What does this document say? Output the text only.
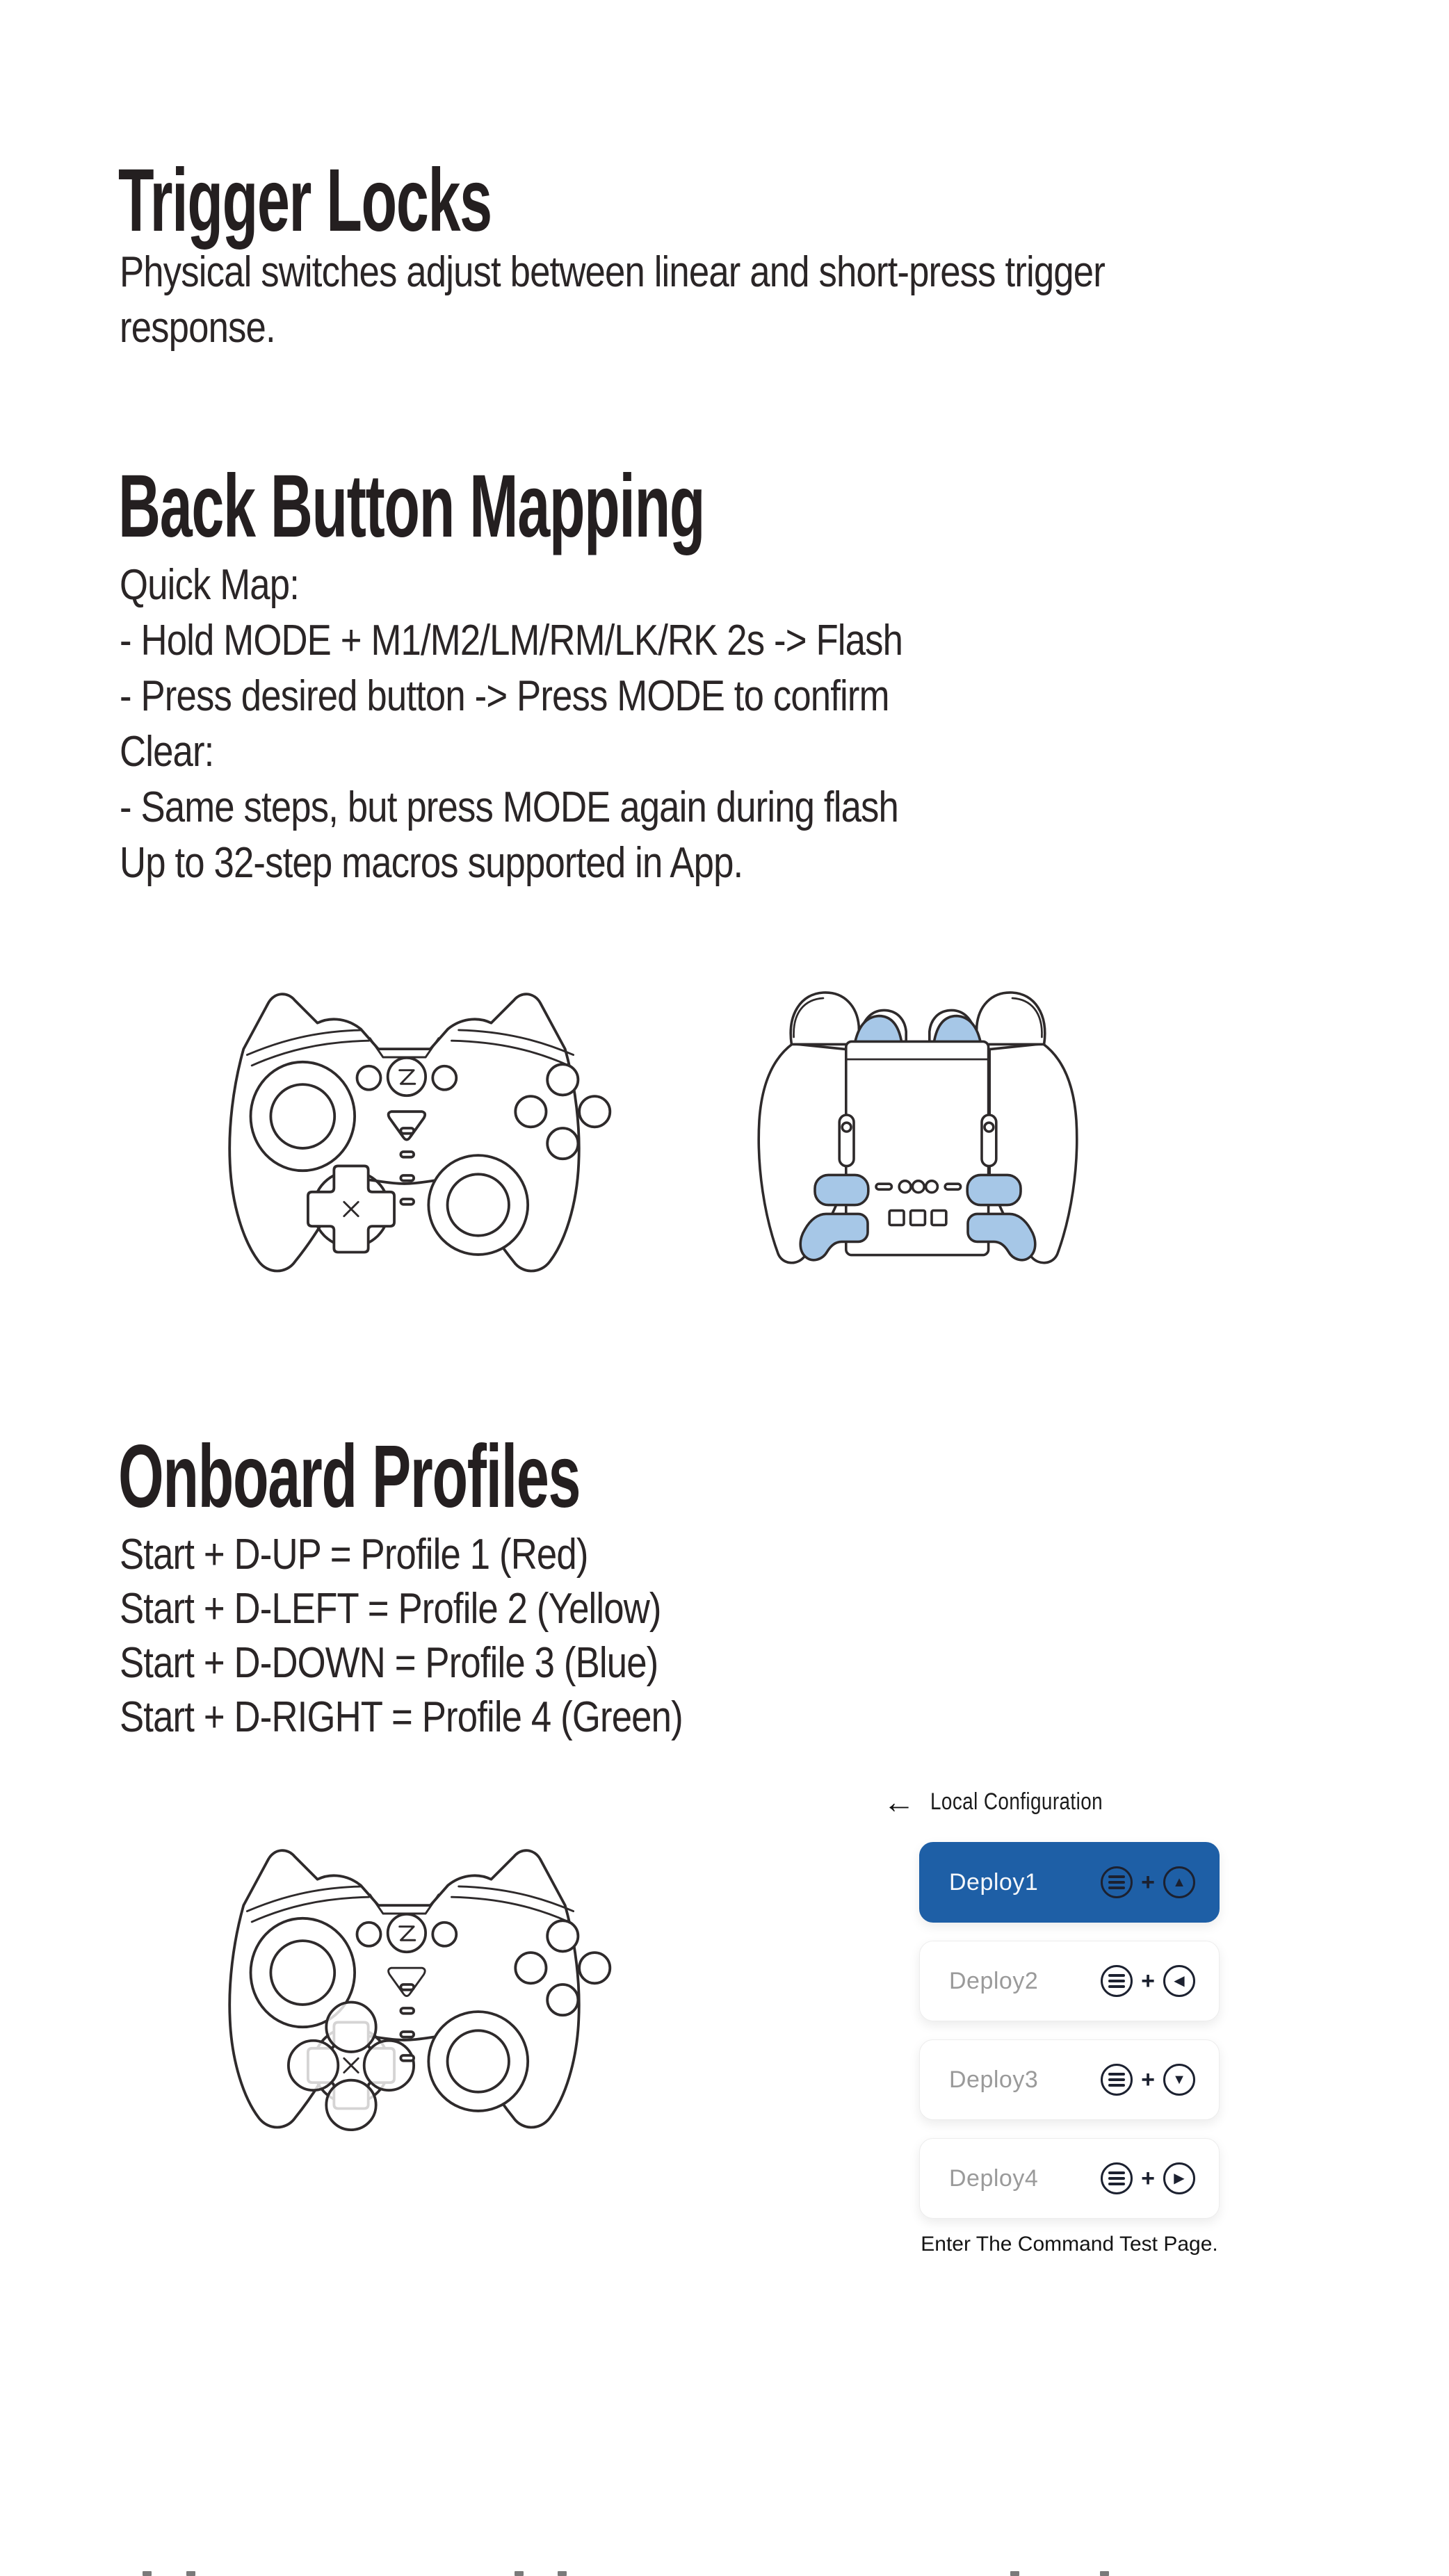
Trigger Locks
Physical switches adjust between linear and short-press trigger response.
Back Button Mapping
Quick Map:
- Hold MODE + M1/M2/LM/RM/LK/RK 2s -> Flash
- Press desired button -> Press MODE to confirm
Clear:
- Same steps, but press MODE again during flash
Up to 32-step macros supported in App.
Onboard Profiles
Start + D-UP = Profile 1 (Red)
Start + D-LEFT = Profile 2 (Yellow)
Start + D-DOWN = Profile 3 (Blue)
Start + D-RIGHT = Profile 4 (Green)
← Local Configuration
Deploy1	+ ▲
Deploy2	+ ◀
Deploy3	+ ▼
Deploy4	+ ▶
Enter The Command Test Page.
